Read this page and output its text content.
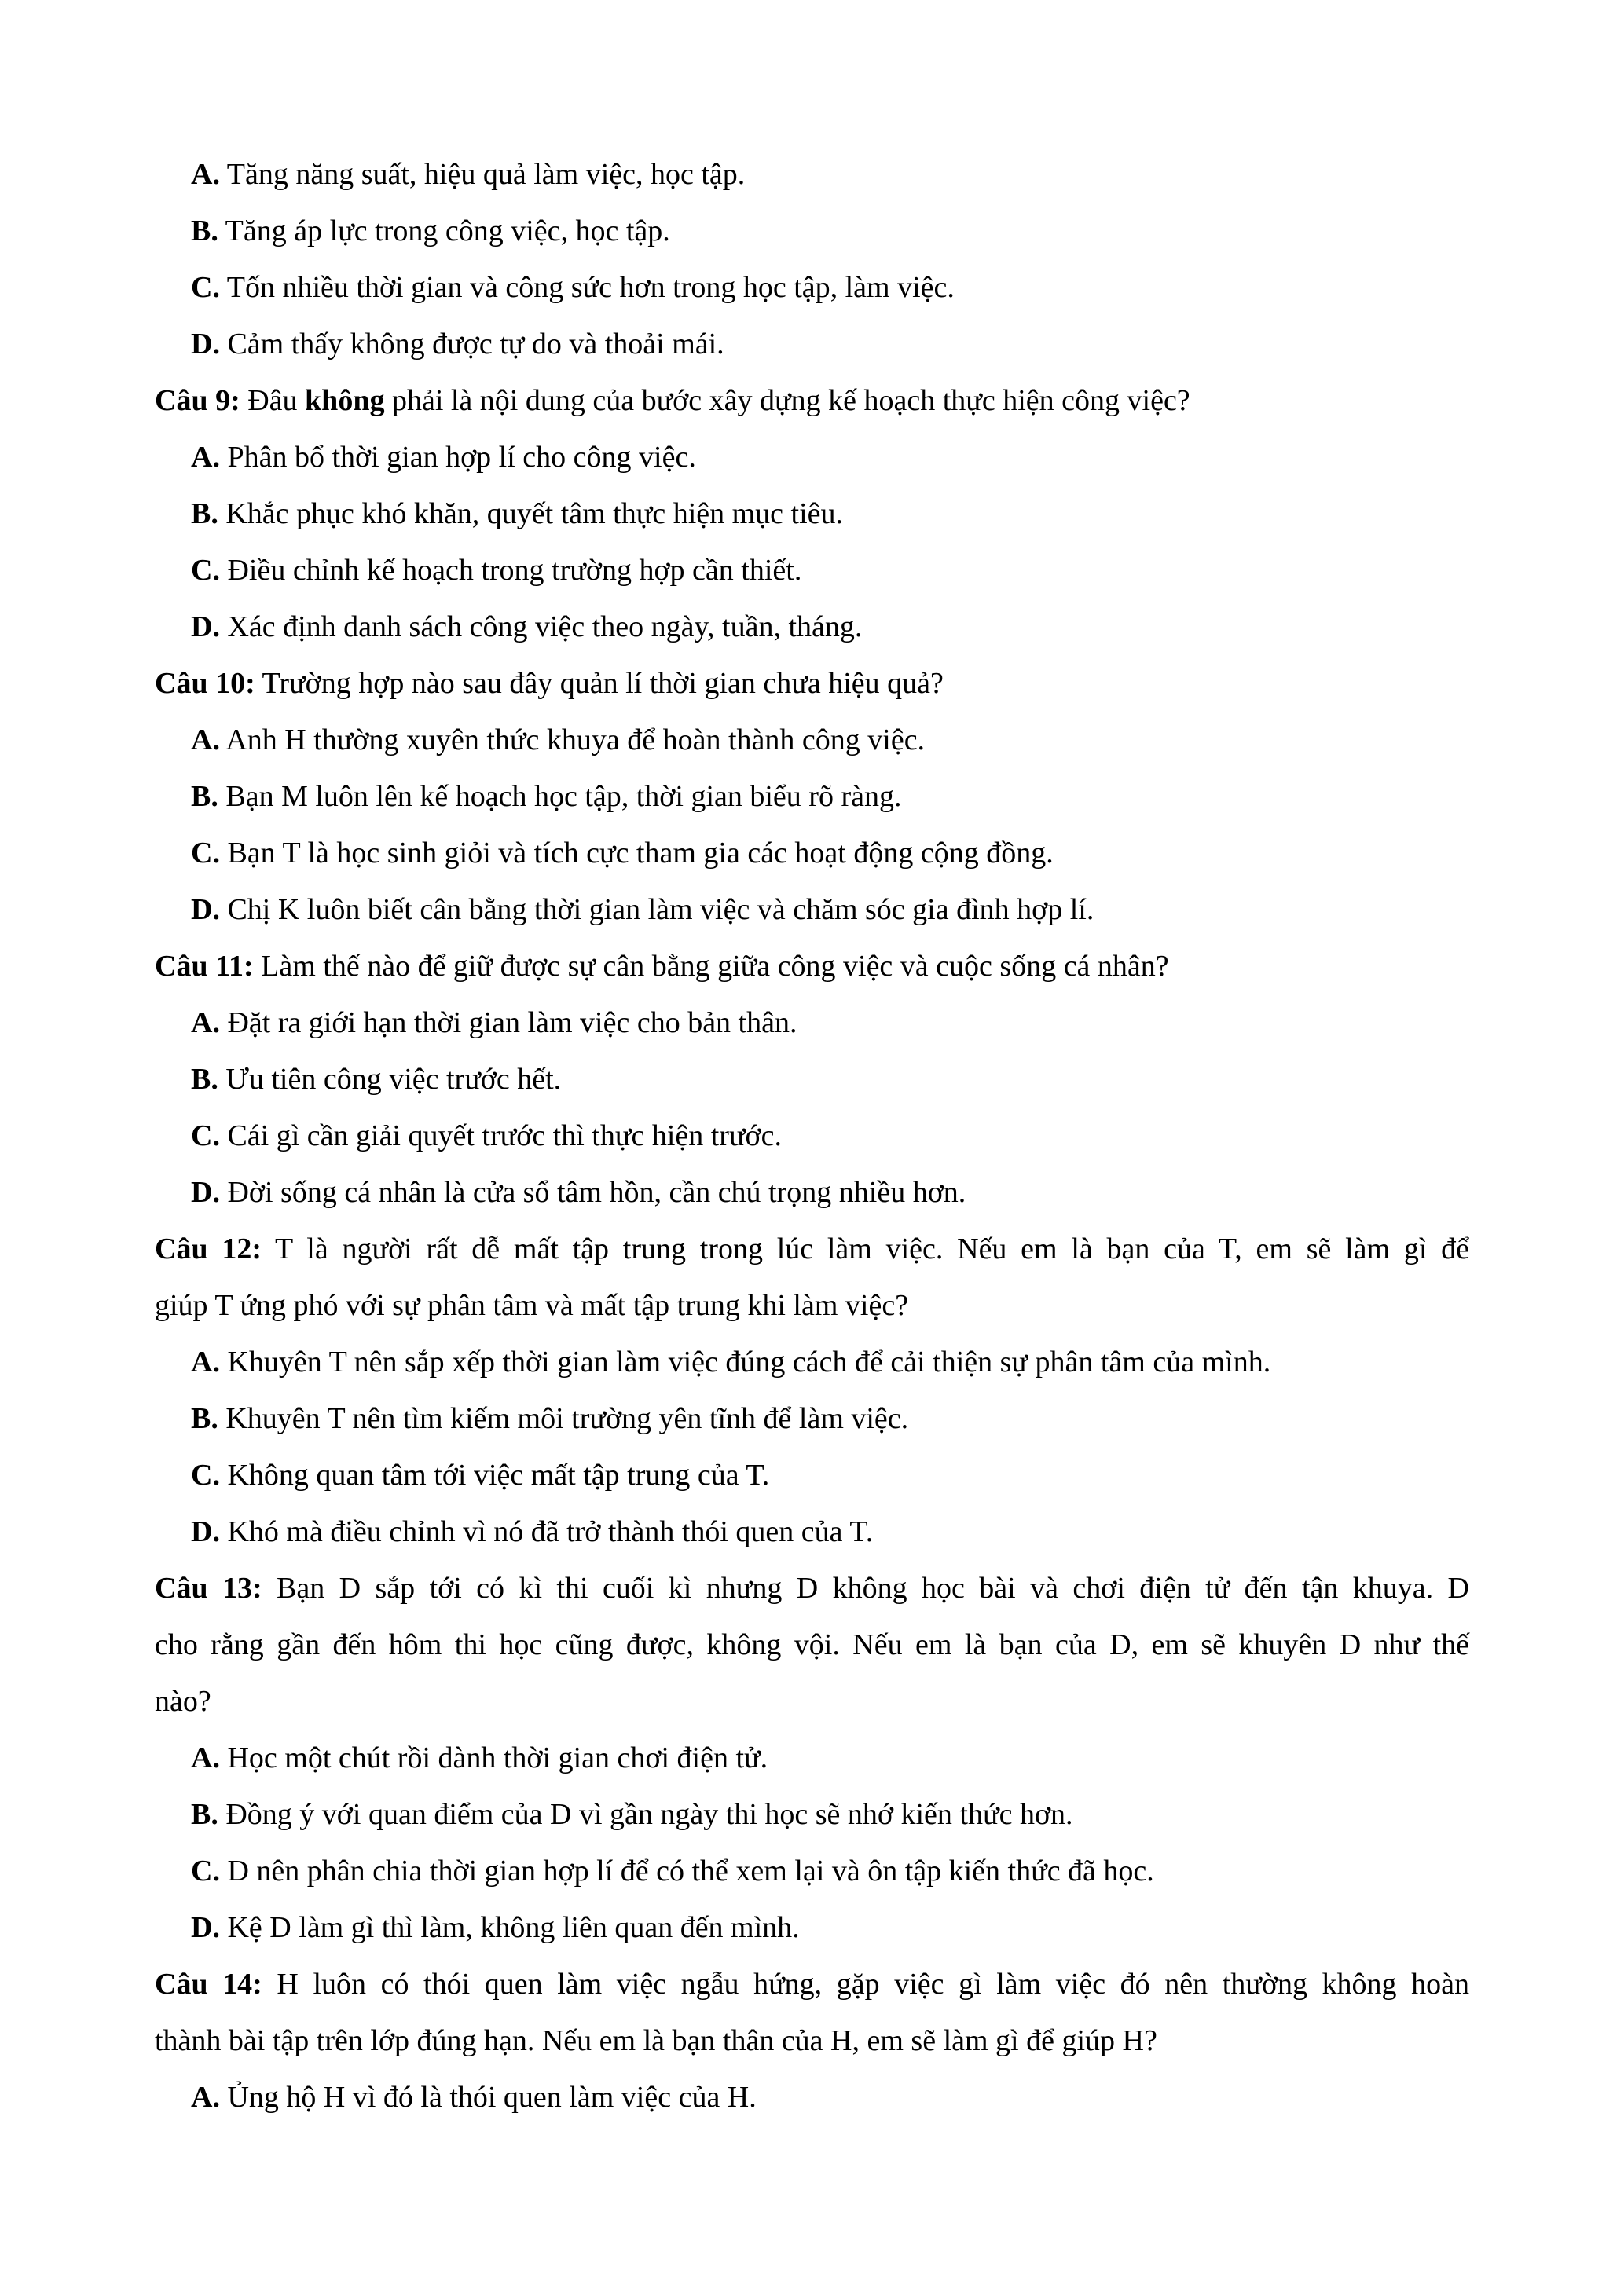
A. Tăng năng suất, hiệu quả làm việc, học tập.
B. Tăng áp lực trong công việc, học tập.
C. Tốn nhiều thời gian và công sức hơn trong học tập, làm việc.
D. Cảm thấy không được tự do và thoải mái.
Câu 9: Đâu không phải là nội dung của bước xây dựng kế hoạch thực hiện công việc?
A. Phân bổ thời gian hợp lí cho công việc.
B. Khắc phục khó khăn, quyết tâm thực hiện mục tiêu.
C. Điều chỉnh kế hoạch trong trường hợp cần thiết.
D. Xác định danh sách công việc theo ngày, tuần, tháng.
Câu 10: Trường hợp nào sau đây quản lí thời gian chưa hiệu quả?
A. Anh H thường xuyên thức khuya để hoàn thành công việc.
B. Bạn M luôn lên kế hoạch học tập, thời gian biểu rõ ràng.
C. Bạn T là học sinh giỏi và tích cực tham gia các hoạt động cộng đồng.
D. Chị K luôn biết cân bằng thời gian làm việc và chăm sóc gia đình hợp lí.
Câu 11: Làm thế nào để giữ được sự cân bằng giữa công việc và cuộc sống cá nhân?
A. Đặt ra giới hạn thời gian làm việc cho bản thân.
B. Ưu tiên công việc trước hết.
C. Cái gì cần giải quyết trước thì thực hiện trước.
D. Đời sống cá nhân là cửa sổ tâm hồn, cần chú trọng nhiều hơn.
Câu 12: T là người rất dễ mất tập trung trong lúc làm việc. Nếu em là bạn của T, em sẽ làm gì để
giúp T ứng phó với sự phân tâm và mất tập trung khi làm việc?
A. Khuyên T nên sắp xếp thời gian làm việc đúng cách để cải thiện sự phân tâm của mình.
B. Khuyên T nên tìm kiếm môi trường yên tĩnh để làm việc.
C. Không quan tâm tới việc mất tập trung của T.
D. Khó mà điều chỉnh vì nó đã trở thành thói quen của T.
Câu 13: Bạn D sắp tới có kì thi cuối kì nhưng D không học bài và chơi điện tử đến tận khuya. D
cho rằng gần đến hôm thi học cũng được, không vội. Nếu em là bạn của D, em sẽ khuyên D như thế
nào?
A. Học một chút rồi dành thời gian chơi điện tử.
B. Đồng ý với quan điểm của D vì gần ngày thi học sẽ nhớ kiến thức hơn.
C. D nên phân chia thời gian hợp lí để có thể xem lại và ôn tập kiến thức đã học.
D. Kệ D làm gì thì làm, không liên quan đến mình.
Câu 14: H luôn có thói quen làm việc ngẫu hứng, gặp việc gì làm việc đó nên thường không hoàn
thành bài tập trên lớp đúng hạn. Nếu em là bạn thân của H, em sẽ làm gì để giúp H?
A. Ủng hộ H vì đó là thói quen làm việc của H.
